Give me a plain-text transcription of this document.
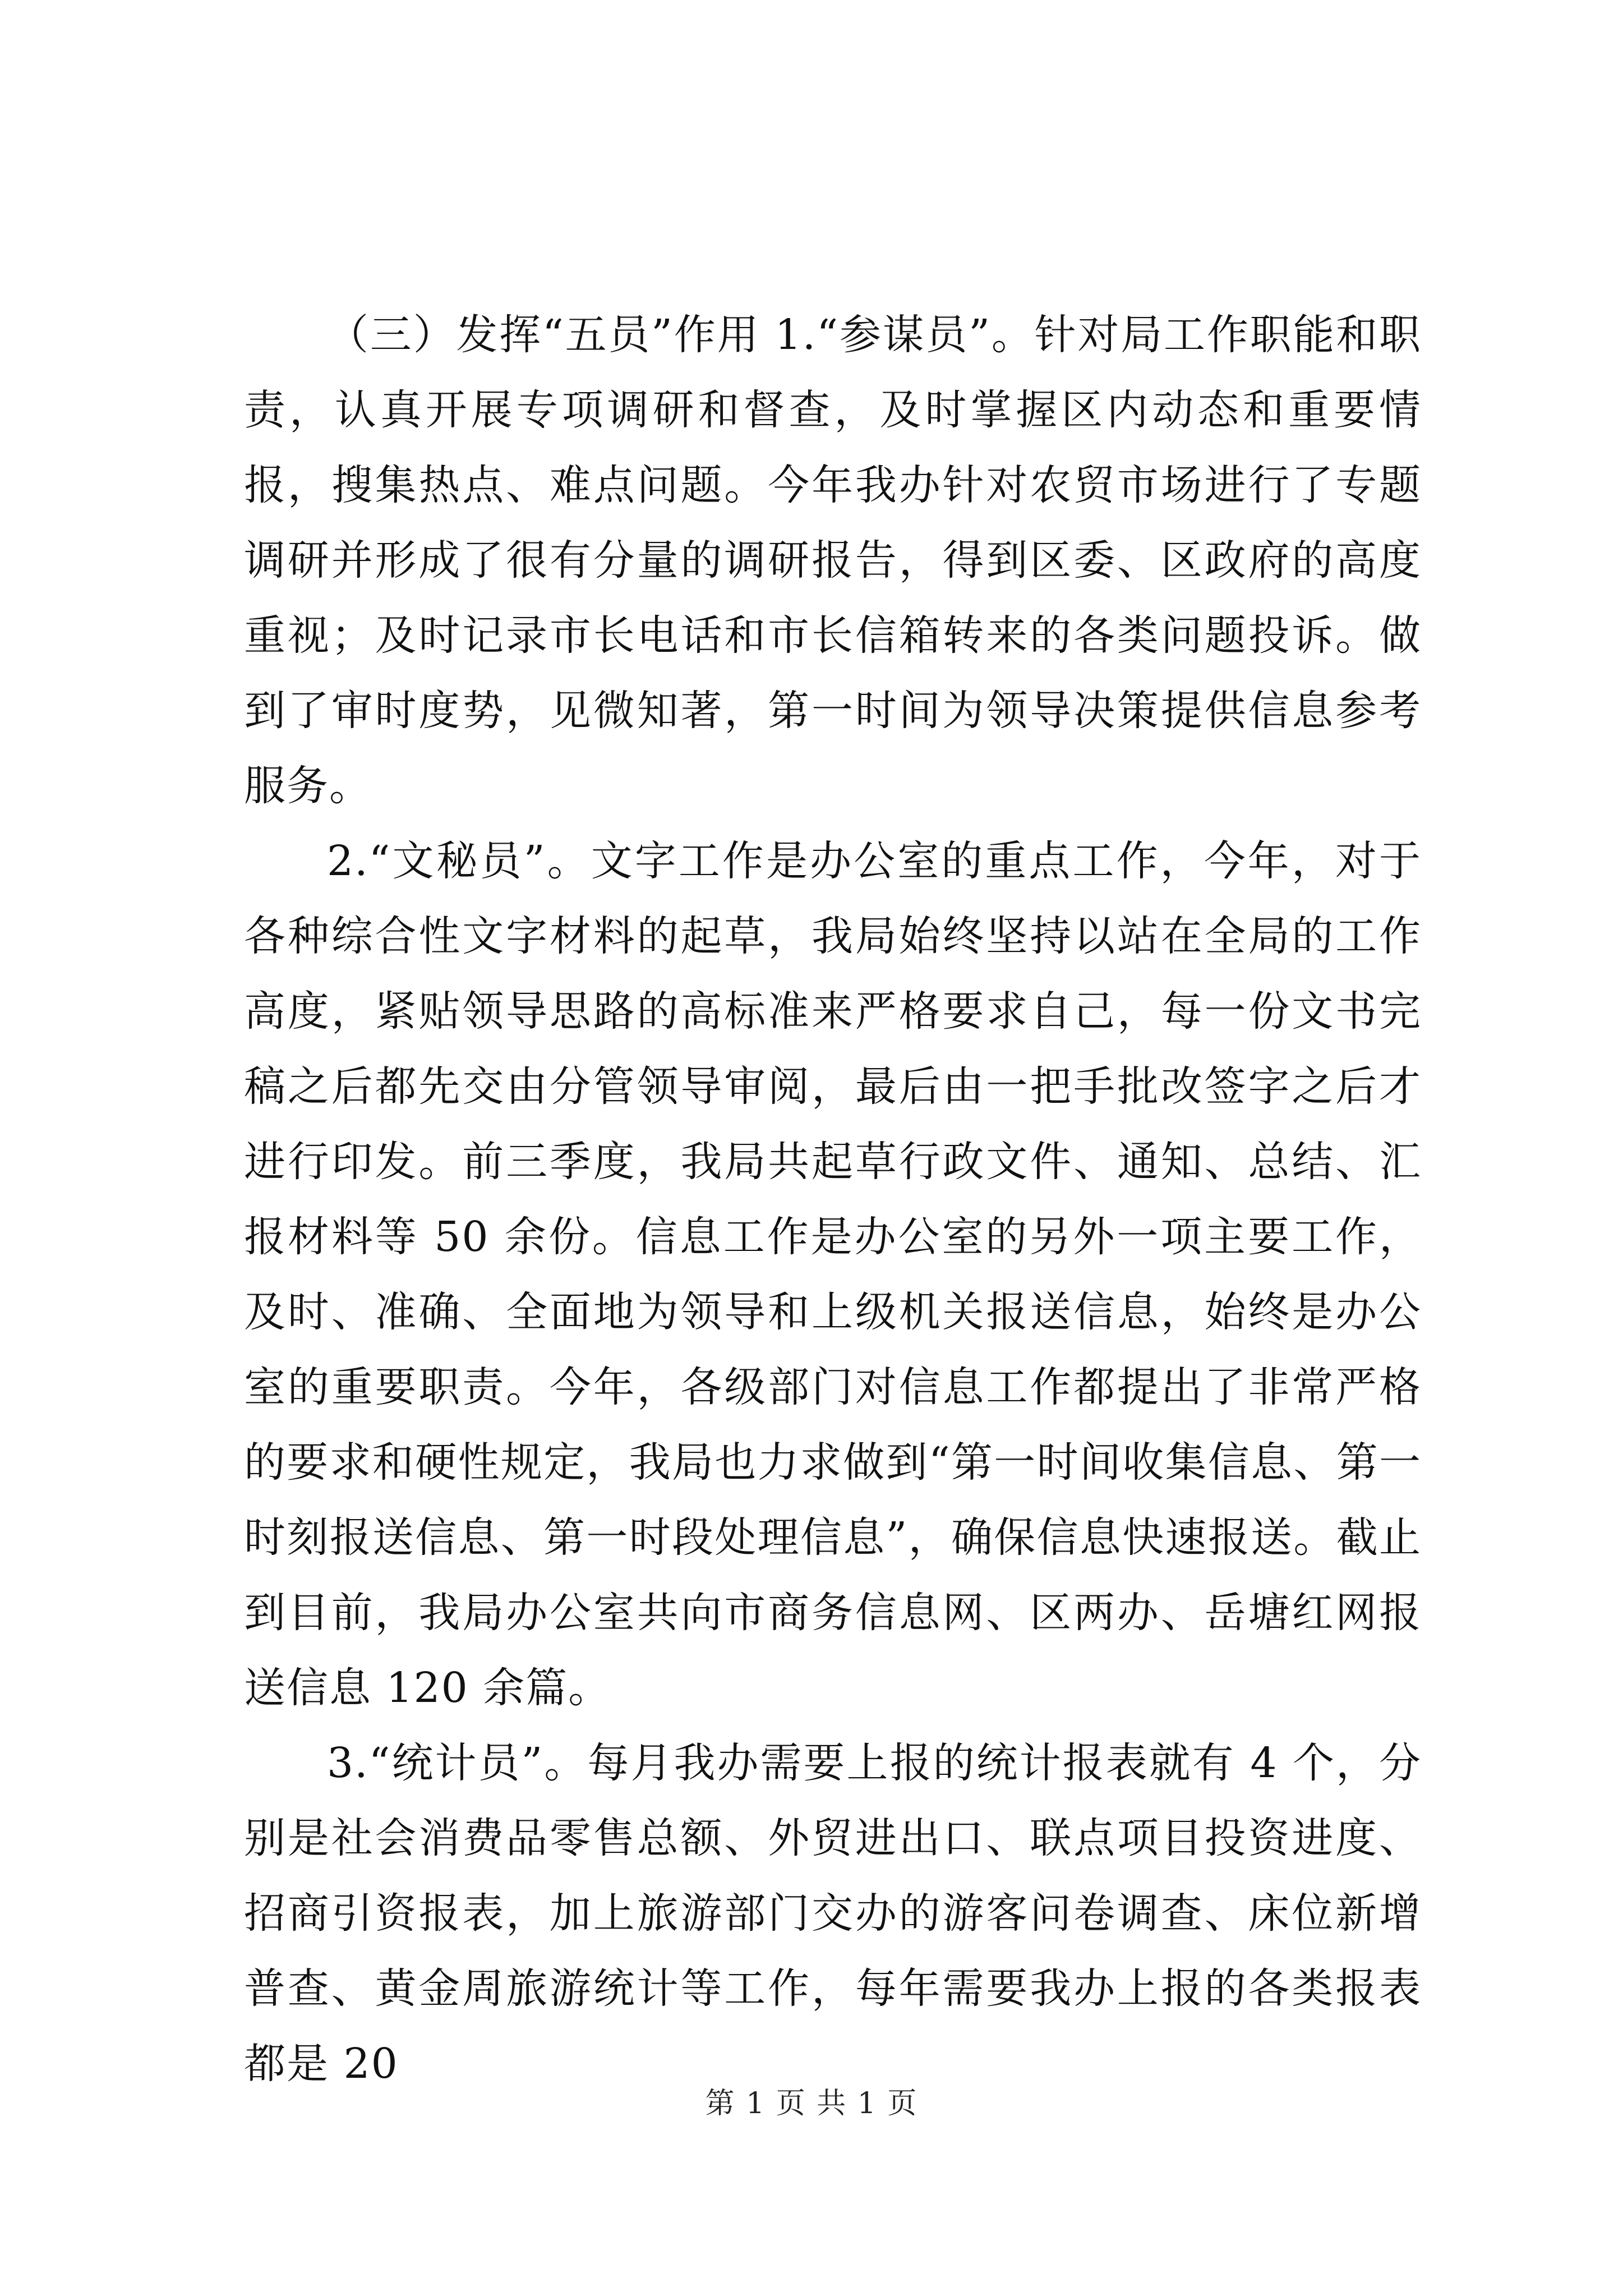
（三）发挥“五员”作用 1.“参谋员”。针对局工作职能和职责，认真开展专项调研和督查，及时掌握区内动态和重要情报，搜集热点、难点问题。今年我办针对农贸市场进行了专题调研并形成了很有分量的调研报告，得到区委、区政府的高度重视；及时记录市长电话和市长信箱转来的各类问题投诉。做到了审时度势，见微知著，第一时间为领导决策提供信息参考服务。

2.“文秘员”。文字工作是办公室的重点工作，今年，对于各种综合性文字材料的起草，我局始终坚持以站在全局的工作高度，紧贴领导思路的高标准来严格要求自己，每一份文书完稿之后都先交由分管领导审阅，最后由一把手批改签字之后才进行印发。前三季度，我局共起草行政文件、通知、总结、汇报材料等 50 余份。信息工作是办公室的另外一项主要工作，及时、准确、全面地为领导和上级机关报送信息，始终是办公室的重要职责。今年，各级部门对信息工作都提出了非常严格的要求和硬性规定，我局也力求做到“第一时间收集信息、第一时刻报送信息、第一时段处理信息”，确保信息快速报送。截止到目前，我局办公室共向市商务信息网、区两办、岳塘红网报送信息 120 余篇。

3.“统计员”。每月我办需要上报的统计报表就有 4 个，分别是社会消费品零售总额、外贸进出口、联点项目投资进度、招商引资报表，加上旅游部门交办的游客问卷调查、床位新增普查、黄金周旅游统计等工作，每年需要我办上报的各类报表都是 20

第 1 页 共 1 页
